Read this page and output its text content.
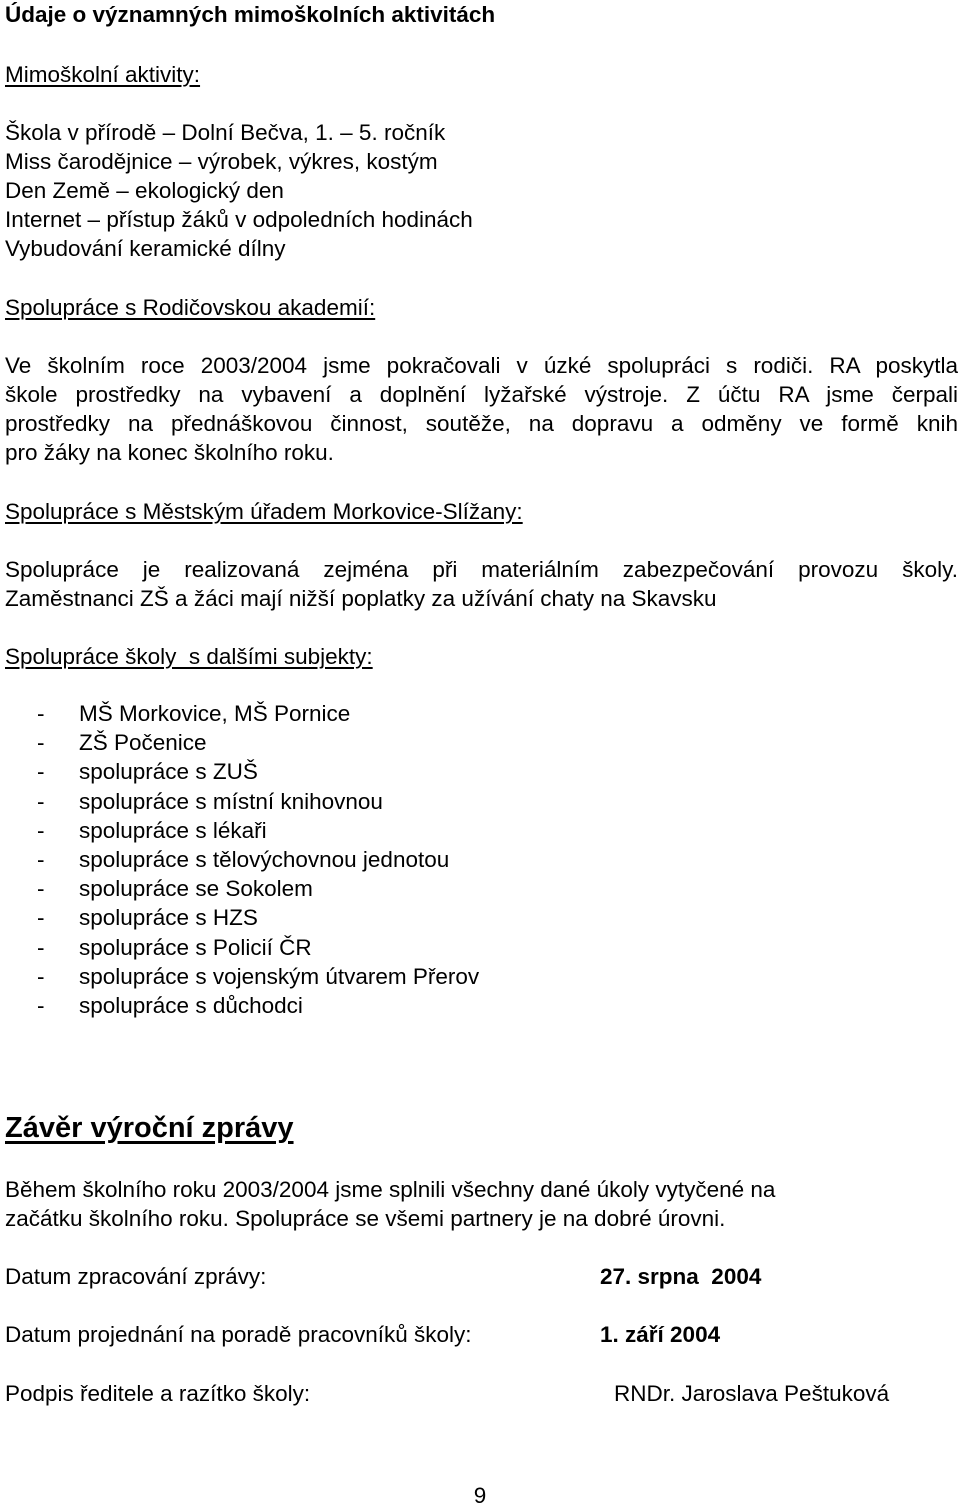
Údaje o významných mimoškolních aktivitách

Mimoškolní aktivity:

Škola v přírodě – Dolní Bečva, 1. – 5. ročník

Miss čarodějnice – výrobek, výkres, kostým

Den Země – ekologický den

Internet – přístup žáků v odpoledních hodinách

Vybudování keramické dílny

Spolupráce s Rodičovskou akademií:

Ve školním roce 2003/2004 jsme pokračovali v úzké spolupráci s rodiči. RA poskytla
škole prostředky na vybavení a doplnění lyžařské výstroje. Z účtu RA jsme čerpali
prostředky na přednáškovou činnost, soutěže, na dopravu a odměny ve formě knih
pro žáky na konec školního roku.

Spolupráce s Městským úřadem Morkovice-Slížany:

Spolupráce je realizovaná zejména při materiálním zabezpečování provozu školy.
Zaměstnanci ZŠ a žáci mají nižší poplatky za užívání chaty na Skavsku

Spolupráce školy  s dalšími subjekty:

- MŠ Morkovice, MŠ Pornice
- ZŠ Počenice
- spolupráce s ZUŠ
- spolupráce s místní knihovnou
- spolupráce s lékaři
- spolupráce s tělovýchovnou jednotou
- spolupráce se Sokolem
- spolupráce s HZS
- spolupráce s Policií ČR
- spolupráce s vojenským útvarem Přerov
- spolupráce s důchodci

Závěr výroční zprávy

Během školního roku 2003/2004 jsme splnili všechny dané úkoly vytyčené na

začátku školního roku. Spolupráce se všemi partnery je na dobré úrovni.

Datum zpracování zprávy:	27. srpna  2004
Datum projednání na poradě pracovníků školy:	1. září 2004
Podpis ředitele a razítko školy:	RNDr. Jaroslava Peštuková
9
